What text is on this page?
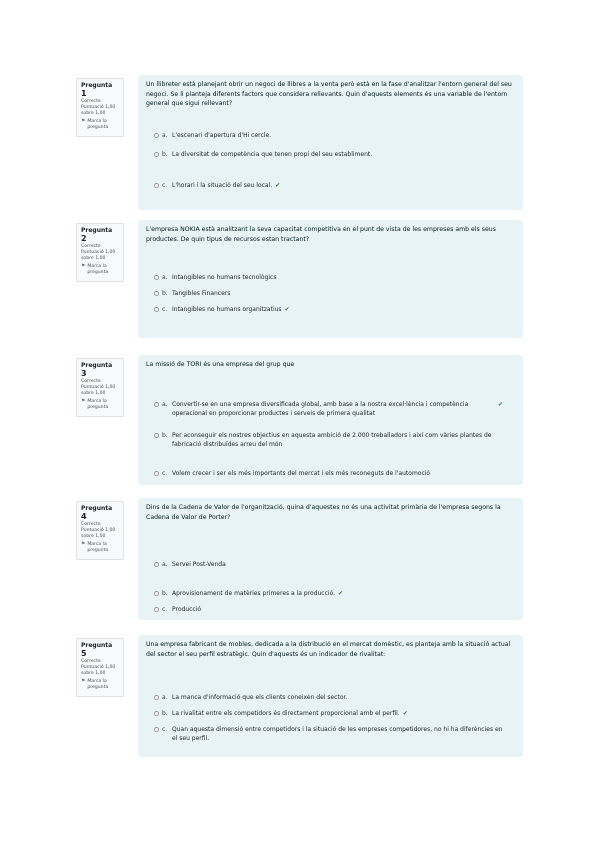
Pregunta 1
Correcte
Puntuació 1,00
sobre 1,00
⚑ Marca la pregunta
Un llibreter està planejant obrir un negoci de llibres a la venta però està en la fase d'analitzar l'entorn general del seu negoci. Se li planteja diferents factors que considera rellevants. Quin d'aquests elements és una variable de l'entorn general que sigui rellevant?
a. L'escenari d'apertura d'Hi cercle.
b. La diversitat de competència que tenen propi del seu establiment.
c. L'horari i la situació del seu local. ✔
Pregunta 2
Correcte
Puntuació 1,00
sobre 1,00
⚑ Marca la pregunta
L'empresa NOKIA està analitzant la seva capacitat competitiva en el punt de vista de les empreses amb els seus productes. De quin tipus de recursos estan tractant?
a. Intangibles no humans tecnològics
b. Tangibles Financers
c. Intangibles no humans organitzatius ✔
Pregunta 3
Correcte
Puntuació 1,00
sobre 1,00
⚑ Marca la pregunta
La missió de TORI és una empresa del grup que
a. Convertir-se en una empresa diversificada global, amb base a la nostra excel·lència i competència operacional en proporcionar productes i serveis de primera qualitat
✔
b. Per aconseguir els nostres objectius en aquesta ambició de 2.000 treballadors i així com vàries plantes de fabricació distribuïdes arreu del món
c. Volem crecer i ser els més importants del mercat i els més reconeguts de l'automoció
Pregunta 4
Correcte
Puntuació 1,00
sobre 1,00
⚑ Marca la pregunta
Dins de la Cadena de Valor de l'organització, quina d'aquestes no és una activitat primària de l'empresa segons la Cadena de Valor de Porter?
a. Servei Post-Venda
b. Aprovisionament de matèries primeres a la producció. ✔
c. Producció
Pregunta 5
Correcte
Puntuació 1,00
sobre 1,00
⚑ Marca la pregunta
Una empresa fabricant de mobles, dedicada a la distribució en el mercat domèstic, es planteja amb la situació actual del sector el seu perfil estratègic. Quin d'aquests és un indicador de rivalitat:
a. La manca d'informació que els clients coneixen del sector.
b. La rivalitat entre els competidors és directament proporcional amb el perfil. ✔
c. Quan aquesta dimensió entre competidors i la situació de les empreses competidores, no hi ha diferències en el seu perfil.
